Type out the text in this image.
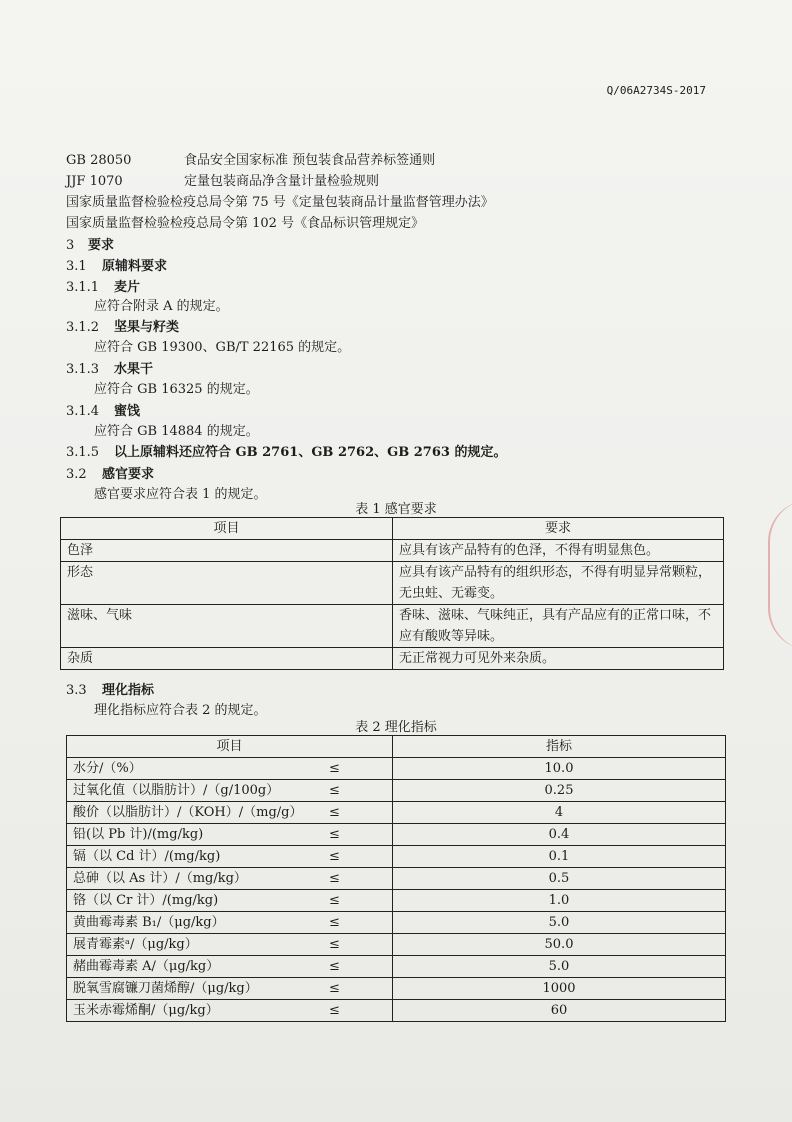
Q/06A2734S-2017
GB 28050	食品安全国家标准 预包装食品营养标签通则
JJF 1070	定量包装商品净含量计量检验规则
国家质量监督检验检疫总局令第 75 号《定量包装商品计量监督管理办法》
国家质量监督检验检疫总局令第 102 号《食品标识管理规定》
3 要求
3.1 原辅料要求
3.1.1 麦片
应符合附录 A 的规定。
3.1.2 坚果与籽类
应符合 GB 19300、GB/T 22165 的规定。
3.1.3 水果干
应符合 GB 16325 的规定。
3.1.4 蜜饯
应符合 GB 14884 的规定。
3.1.5 以上原辅料还应符合 GB 2761、GB 2762、GB 2763 的规定。
3.2 感官要求
感官要求应符合表 1 的规定。
表 1 感官要求
项目	要求
色泽	应具有该产品特有的色泽，不得有明显焦色。
形态	应具有该产品特有的组织形态，不得有明显异常颗粒，无虫蛀、无霉变。
滋味、气味	香味、滋味、气味纯正，具有产品应有的正常口味，不应有酸败等异味。
杂质	无正常视力可见外来杂质。
3.3 理化指标
理化指标应符合表 2 的规定。
表 2 理化指标
项目	指标
水分/（%） ≤	10.0
过氧化值（以脂肪计）/（g/100g） ≤	0.25
酸价（以脂肪计）/（KOH）/（mg/g） ≤	4
铅(以 Pb 计)/(mg/kg) ≤	0.4
镉（以 Cd 计）/(mg/kg) ≤	0.1
总砷（以 As 计）/（mg/kg） ≤	0.5
铬（以 Cr 计）/(mg/kg) ≤	1.0
黄曲霉毒素 B₁/（μg/kg） ≤	5.0
展青霉素ᵃ/（μg/kg） ≤	50.0
赭曲霉毒素 A/（μg/kg） ≤	5.0
脱氧雪腐镰刀菌烯醇/（μg/kg） ≤	1000
玉米赤霉烯酮/（μg/kg） ≤	60
